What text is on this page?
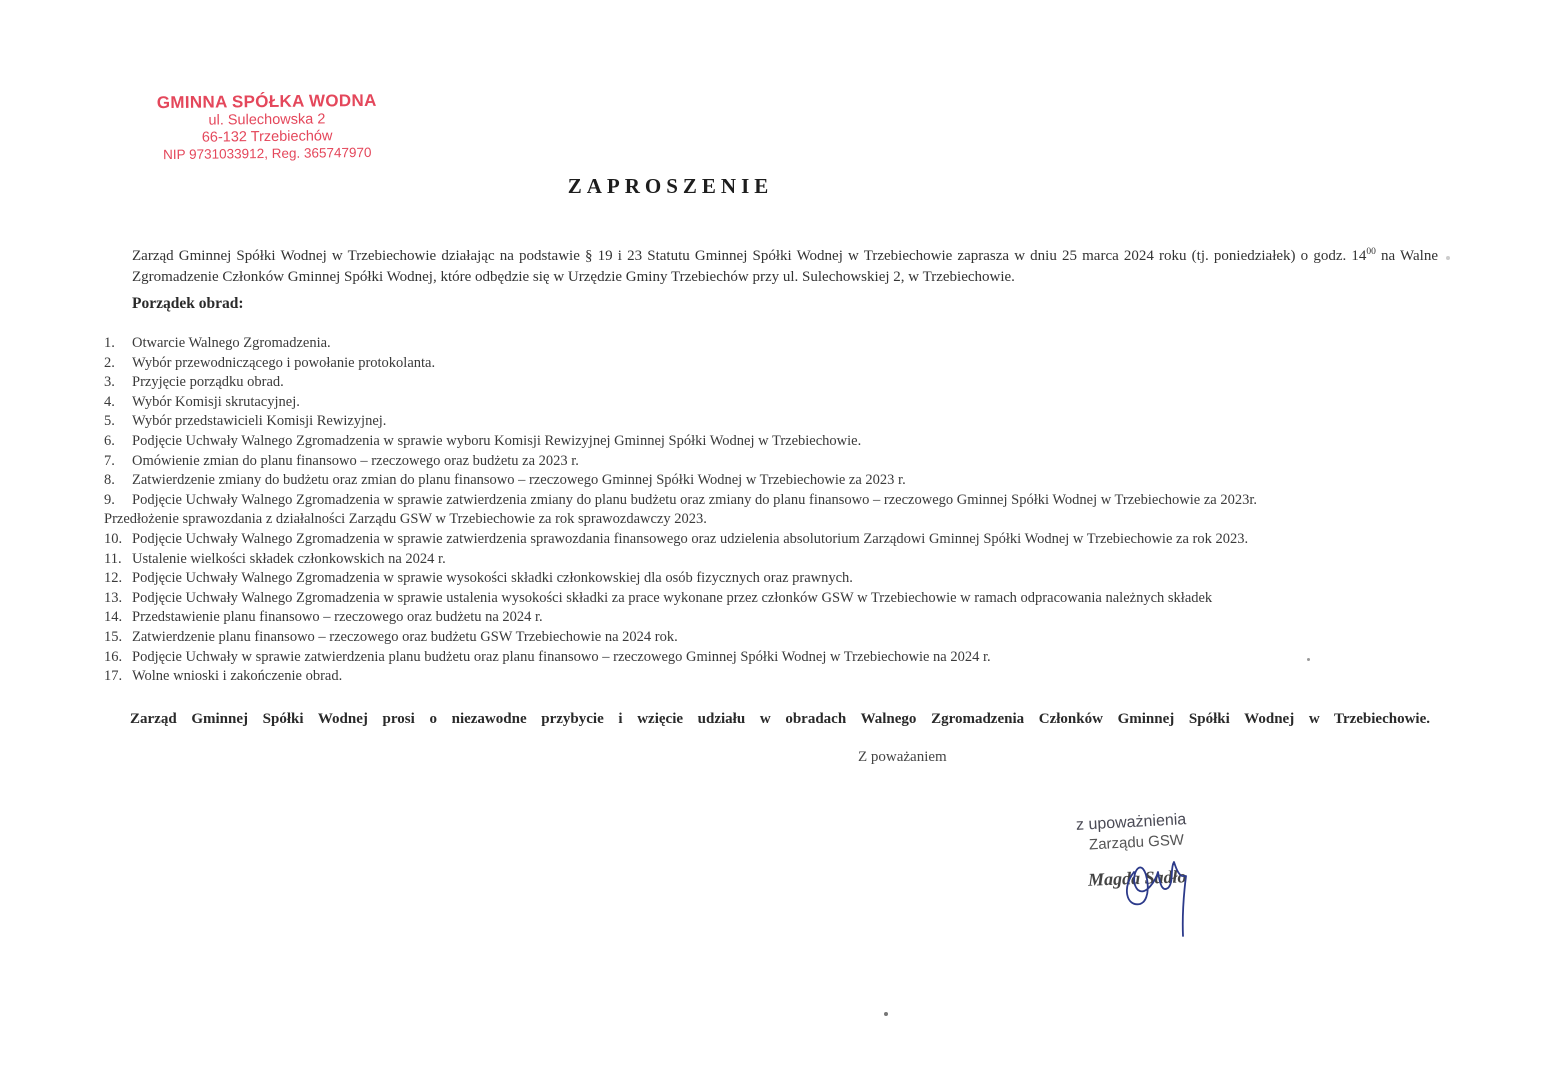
GMINNA SPÓŁKA WODNA
ul. Sulechowska 2
66-132 Trzebiechów
NIP 9731033912, Reg. 365747970
ZAPROSZENIE
Zarząd Gminnej Spółki Wodnej w Trzebiechowie działając na podstawie § 19 i 23 Statutu Gminnej Spółki Wodnej w Trzebiechowie zaprasza w dniu 25 marca 2024 roku (tj. poniedziałek) o godz. $14^{00}$ na Walne Zgromadzenie Członków Gminnej Spółki Wodnej, które odbędzie się w Urzędzie Gminy Trzebiechów przy ul. Sulechowskiej 2, w Trzebiechowie.
Porządek obrad:
1. Otwarcie Walnego Zgromadzenia.
2. Wybór przewodniczącego i powołanie protokolanta.
3. Przyjęcie porządku obrad.
4. Wybór Komisji skrutacyjnej.
5. Wybór przedstawicieli Komisji Rewizyjnej.
6. Podjęcie Uchwały Walnego Zgromadzenia w sprawie wyboru Komisji Rewizyjnej Gminnej Spółki Wodnej w Trzebiechowie.
7. Omówienie zmian do planu finansowo – rzeczowego oraz budżetu za 2023 r.
8. Zatwierdzenie zmiany do budżetu oraz zmian do planu finansowo – rzeczowego Gminnej Spółki Wodnej w Trzebiechowie za 2023 r.
9. Podjęcie Uchwały Walnego Zgromadzenia w sprawie zatwierdzenia zmiany do planu budżetu oraz zmiany do planu finansowo – rzeczowego Gminnej Spółki Wodnej w Trzebiechowie za 2023r.
Przedłożenie sprawozdania z działalności Zarządu GSW w Trzebiechowie za rok sprawozdawczy 2023.
10. Podjęcie Uchwały Walnego Zgromadzenia w sprawie zatwierdzenia sprawozdania finansowego oraz udzielenia absolutorium Zarządowi Gminnej Spółki Wodnej w Trzebiechowie za rok 2023.
11. Ustalenie wielkości składek członkowskich na 2024 r.
12. Podjęcie Uchwały Walnego Zgromadzenia w sprawie wysokości składki członkowskiej dla osób fizycznych oraz prawnych.
13. Podjęcie Uchwały Walnego Zgromadzenia w sprawie ustalenia wysokości składki za prace wykonane przez członków GSW w Trzebiechowie w ramach odpracowania należnych składek
14. Przedstawienie planu finansowo – rzeczowego oraz budżetu na 2024 r.
15. Zatwierdzenie planu finansowo – rzeczowego oraz budżetu GSW Trzebiechowie na 2024 rok.
16. Podjęcie Uchwały w sprawie zatwierdzenia planu budżetu oraz planu finansowo – rzeczowego Gminnej Spółki Wodnej w Trzebiechowie na 2024 r.
17. Wolne wnioski i zakończenie obrad.
Zarząd Gminnej Spółki Wodnej prosi o niezawodne przybycie i wzięcie udziału w obradach Walnego Zgromadzenia Członków Gminnej Spółki Wodnej w Trzebiechowie.
Z poważaniem
z upoważnienia
Zarządu GSW
Magda Sadło
